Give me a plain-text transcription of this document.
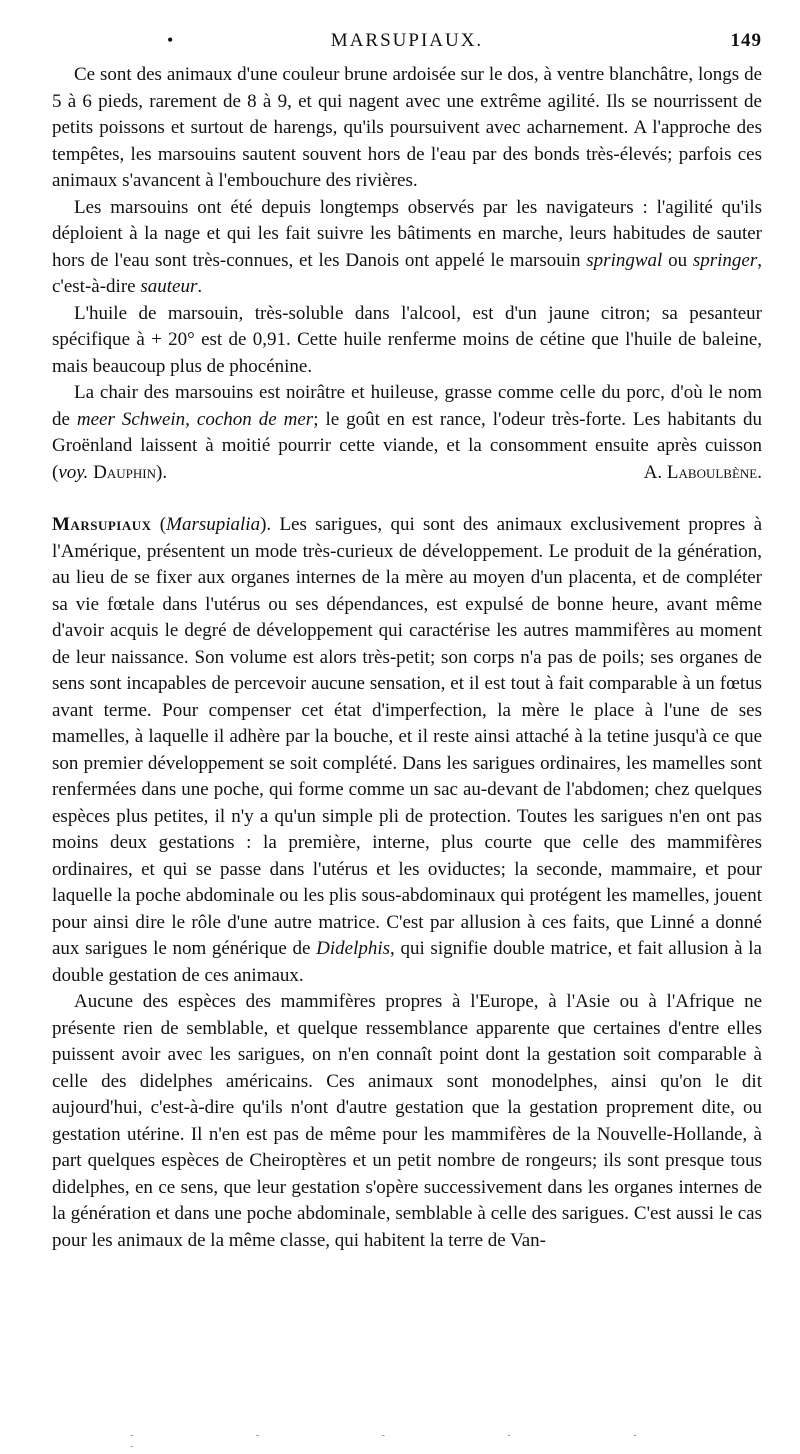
•	MARSUPIAUX.	149

Ce sont des animaux d'une couleur brune ardoisée sur le dos, à ventre blanchâtre, longs de 5 à 6 pieds, rarement de 8 à 9, et qui nagent avec une extrême agilité. Ils se nourrissent de petits poissons et surtout de harengs, qu'ils poursuivent avec acharnement. A l'approche des tempêtes, les marsouins sautent souvent hors de l'eau par des bonds très-élevés; parfois ces animaux s'avancent à l'embouchure des rivières.

Les marsouins ont été depuis longtemps observés par les navigateurs : l'agilité qu'ils déploient à la nage et qui les fait suivre les bâtiments en marche, leurs habitudes de sauter hors de l'eau sont très-connues, et les Danois ont appelé le marsouin springwal ou springer, c'est-à-dire sauteur.

L'huile de marsouin, très-soluble dans l'alcool, est d'un jaune citron; sa pesanteur spécifique à + 20° est de 0,91. Cette huile renferme moins de cétine que l'huile de baleine, mais beaucoup plus de phocénine.

La chair des marsouins est noirâtre et huileuse, grasse comme celle du porc, d'où le nom de meer Schwein, cochon de mer; le goût en est rance, l'odeur très-forte. Les habitants du Groënland laissent à moitié pourrir cette viande, et la consomment ensuite après cuisson (voy. Dauphin).	A. Laboulbène.

Marsupiaux (Marsupialia). Les sarigues, qui sont des animaux exclusivement propres à l'Amérique, présentent un mode très-curieux de développement. Le produit de la génération, au lieu de se fixer aux organes internes de la mère au moyen d'un placenta, et de compléter sa vie fœtale dans l'utérus ou ses dépendances, est expulsé de bonne heure, avant même d'avoir acquis le degré de développement qui caractérise les autres mammifères au moment de leur naissance. Son volume est alors très-petit; son corps n'a pas de poils; ses organes de sens sont incapables de percevoir aucune sensation, et il est tout à fait comparable à un fœtus avant terme. Pour compenser cet état d'imperfection, la mère le place à l'une de ses mamelles, à laquelle il adhère par la bouche, et il reste ainsi attaché à la tetine jusqu'à ce que son premier développement se soit complété. Dans les sarigues ordinaires, les mamelles sont renfermées dans une poche, qui forme comme un sac au-devant de l'abdomen; chez quelques espèces plus petites, il n'y a qu'un simple pli de protection. Toutes les sarigues n'en ont pas moins deux gestations : la première, interne, plus courte que celle des mammifères ordinaires, et qui se passe dans l'utérus et les oviductes; la seconde, mammaire, et pour laquelle la poche abdominale ou les plis sous-abdominaux qui protégent les mamelles, jouent pour ainsi dire le rôle d'une autre matrice. C'est par allusion à ces faits, que Linné a donné aux sarigues le nom générique de Didelphis, qui signifie double matrice, et fait allusion à la double gestation de ces animaux.

Aucune des espèces des mammifères propres à l'Europe, à l'Asie ou à l'Afrique ne présente rien de semblable, et quelque ressemblance apparente que certaines d'entre elles puissent avoir avec les sarigues, on n'en connaît point dont la gestation soit comparable à celle des didelphes américains. Ces animaux sont monodelphes, ainsi qu'on le dit aujourd'hui, c'est-à-dire qu'ils n'ont d'autre gestation que la gestation proprement dite, ou gestation utérine. Il n'en est pas de même pour les mammifères de la Nouvelle-Hollande, à part quelques espèces de Cheiroptères et un petit nombre de rongeurs; ils sont presque tous didelphes, en ce sens, que leur gestation s'opère successivement dans les organes internes de la génération et dans une poche abdominale, semblable à celle des sarigues. C'est aussi le cas pour les animaux de la même classe, qui habitent la terre de Van-

- - - - - -
